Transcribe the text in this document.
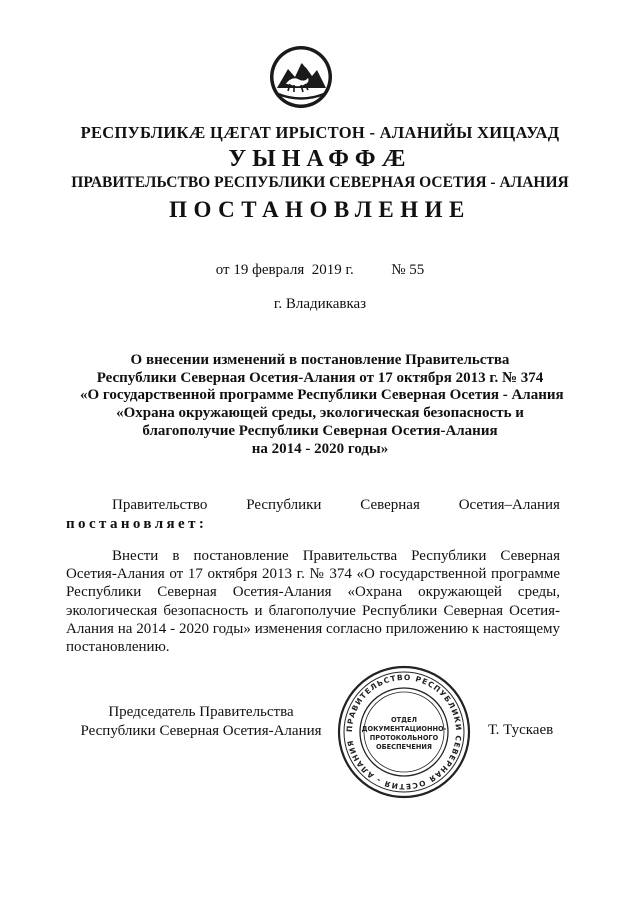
РЕСПУБЛИКӔ ЦӔГАТ ИРЫСТОН - АЛАНИЙЫ ХИЦАУАД
УЫНАФФӔ
ПРАВИТЕЛЬСТВО РЕСПУБЛИКИ СЕВЕРНАЯ ОСЕТИЯ - АЛАНИЯ
ПОСТАНОВЛЕНИЕ
от 19 февраля  2019 г.	№ 55
г. Владикавказ
О внесении изменений в постановление Правительства
Республики Северная Осетия-Алания от 17 октября 2013 г. № 374
«О государственной программе Республики Северная Осетия - Алания
«Охрана окружающей среды, экологическая безопасность и
благополучие Республики Северная Осетия-Алания
на 2014 - 2020 годы»
Правительство	Республики	Северная	Осетия–Алания
постановляет:
Внести в постановление Правительства Республики Северная Осетия-Алания от 17 октября 2013 г. № 374 «О государственной программе Республики Северная Осетия-Алания «Охрана окружающей среды, экологическая безопасность и благополучие Республики Северная Осетия-Алания на 2014 - 2020 годы» изменения согласно приложению к настоящему постановлению.
Председатель Правительства
Республики Северная Осетия-Алания	ПРАВИТЕЛЬСТВО РЕСПУБЛИКИ СЕВЕРНАЯ ОСЕТИЯ - АЛАНИЯ
ОТДЕЛ
ДОКУМЕНТАЦИОННО-
ПРОТОКОЛЬНОГО
ОБЕСПЕЧЕНИЯ
Т. Тускаев
